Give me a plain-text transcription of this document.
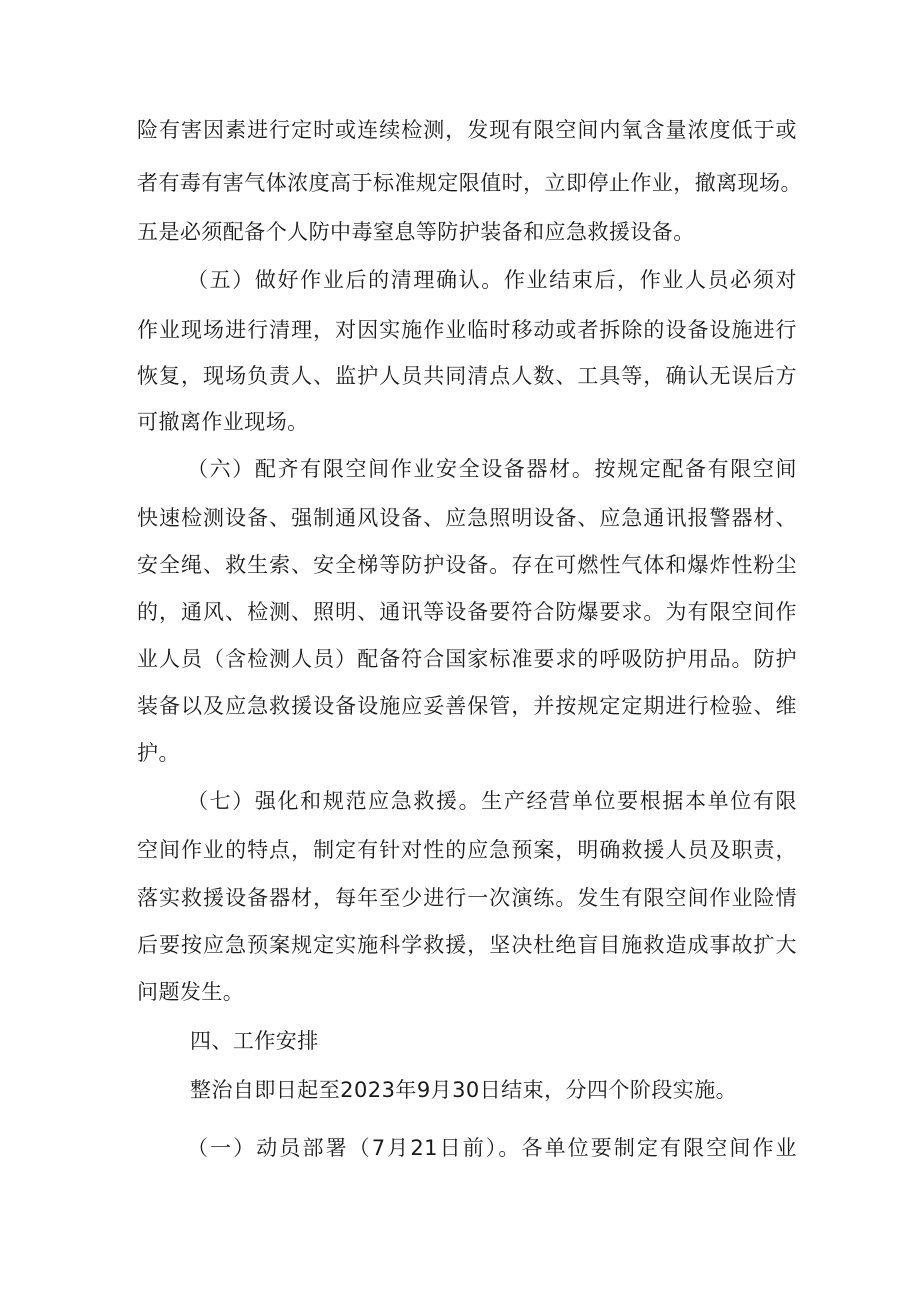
险有害因素进行定时或连续检测，发现有限空间内氧含量浓度低于或
者有毒有害气体浓度高于标准规定限值时，立即停止作业，撤离现场。
五是必须配备个人防中毒窒息等防护装备和应急救援设备。
（五）做好作业后的清理确认。作业结束后，作业人员必须对
作业现场进行清理，对因实施作业临时移动或者拆除的设备设施进行
恢复，现场负责人、监护人员共同清点人数、工具等，确认无误后方
可撤离作业现场。
（六）配齐有限空间作业安全设备器材。按规定配备有限空间
快速检测设备、强制通风设备、应急照明设备、应急通讯报警器材、
安全绳、救生索、安全梯等防护设备。存在可燃性气体和爆炸性粉尘
的，通风、检测、照明、通讯等设备要符合防爆要求。为有限空间作
业人员（含检测人员）配备符合国家标准要求的呼吸防护用品。防护
装备以及应急救援设备设施应妥善保管，并按规定定期进行检验、维
护。
（七）强化和规范应急救援。生产经营单位要根据本单位有限
空间作业的特点，制定有针对性的应急预案，明确救援人员及职责，
落实救援设备器材，每年至少进行一次演练。发生有限空间作业险情
后要按应急预案规定实施科学救援，坚决杜绝盲目施救造成事故扩大
问题发生。
四、工作安排
整治自即日起至2023年9月30日结束，分四个阶段实施。
（一）动员部署（7月21日前）。各单位要制定有限空间作业
